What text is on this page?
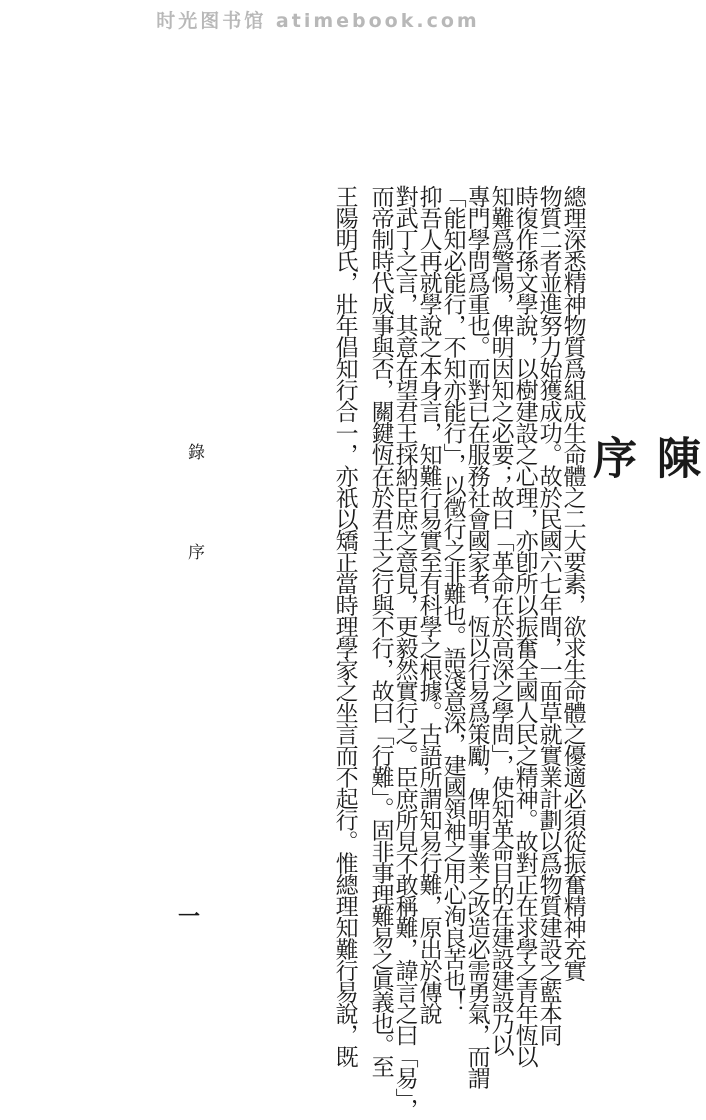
时光图书馆 atimebook.com
陳 序
總理深悉精神物質爲組成生命體之二大要素，欲求生命體之優適必須從振奮精神充實
物質二者並進努力始獲成功。故於民國六七年間，一面草就實業計劃以爲物質建設之藍本同
時復作孫文學說，以樹建設之心理，亦卽所以振奮全國人民之精神。故對正在求學之青年恆以
知難爲警惕，俾明因知之必要；故曰「革命在於高深之學問」，使知革命目的在建設建設乃以
專門學問爲重也。而對已在服務社會國家者，恆以行易爲策勵，俾明事業之改造必需勇氣，而謂
「能知必能行，不知亦能行」，以徵行之非難也。語淺意深，建國領袖之用心洵良苦也！
抑吾人再就學說之本身言，知難行易實至有科學之根據。古語所謂知易行難，原出於傳說
對武丁之言，其意在望君王採納臣庶之意見，更毅然實行之。臣庶所見不敢稱難，諱言之曰「易」，
而帝制時代成事與否，關鍵恆在於君王之行與不行，故曰「行難」。固非事理難易之眞義也。至
王陽明氏，壯年倡知行合一，亦祇以矯正當時理學家之坐言而不起行。惟總理知難行易說，既
錄
序
一
